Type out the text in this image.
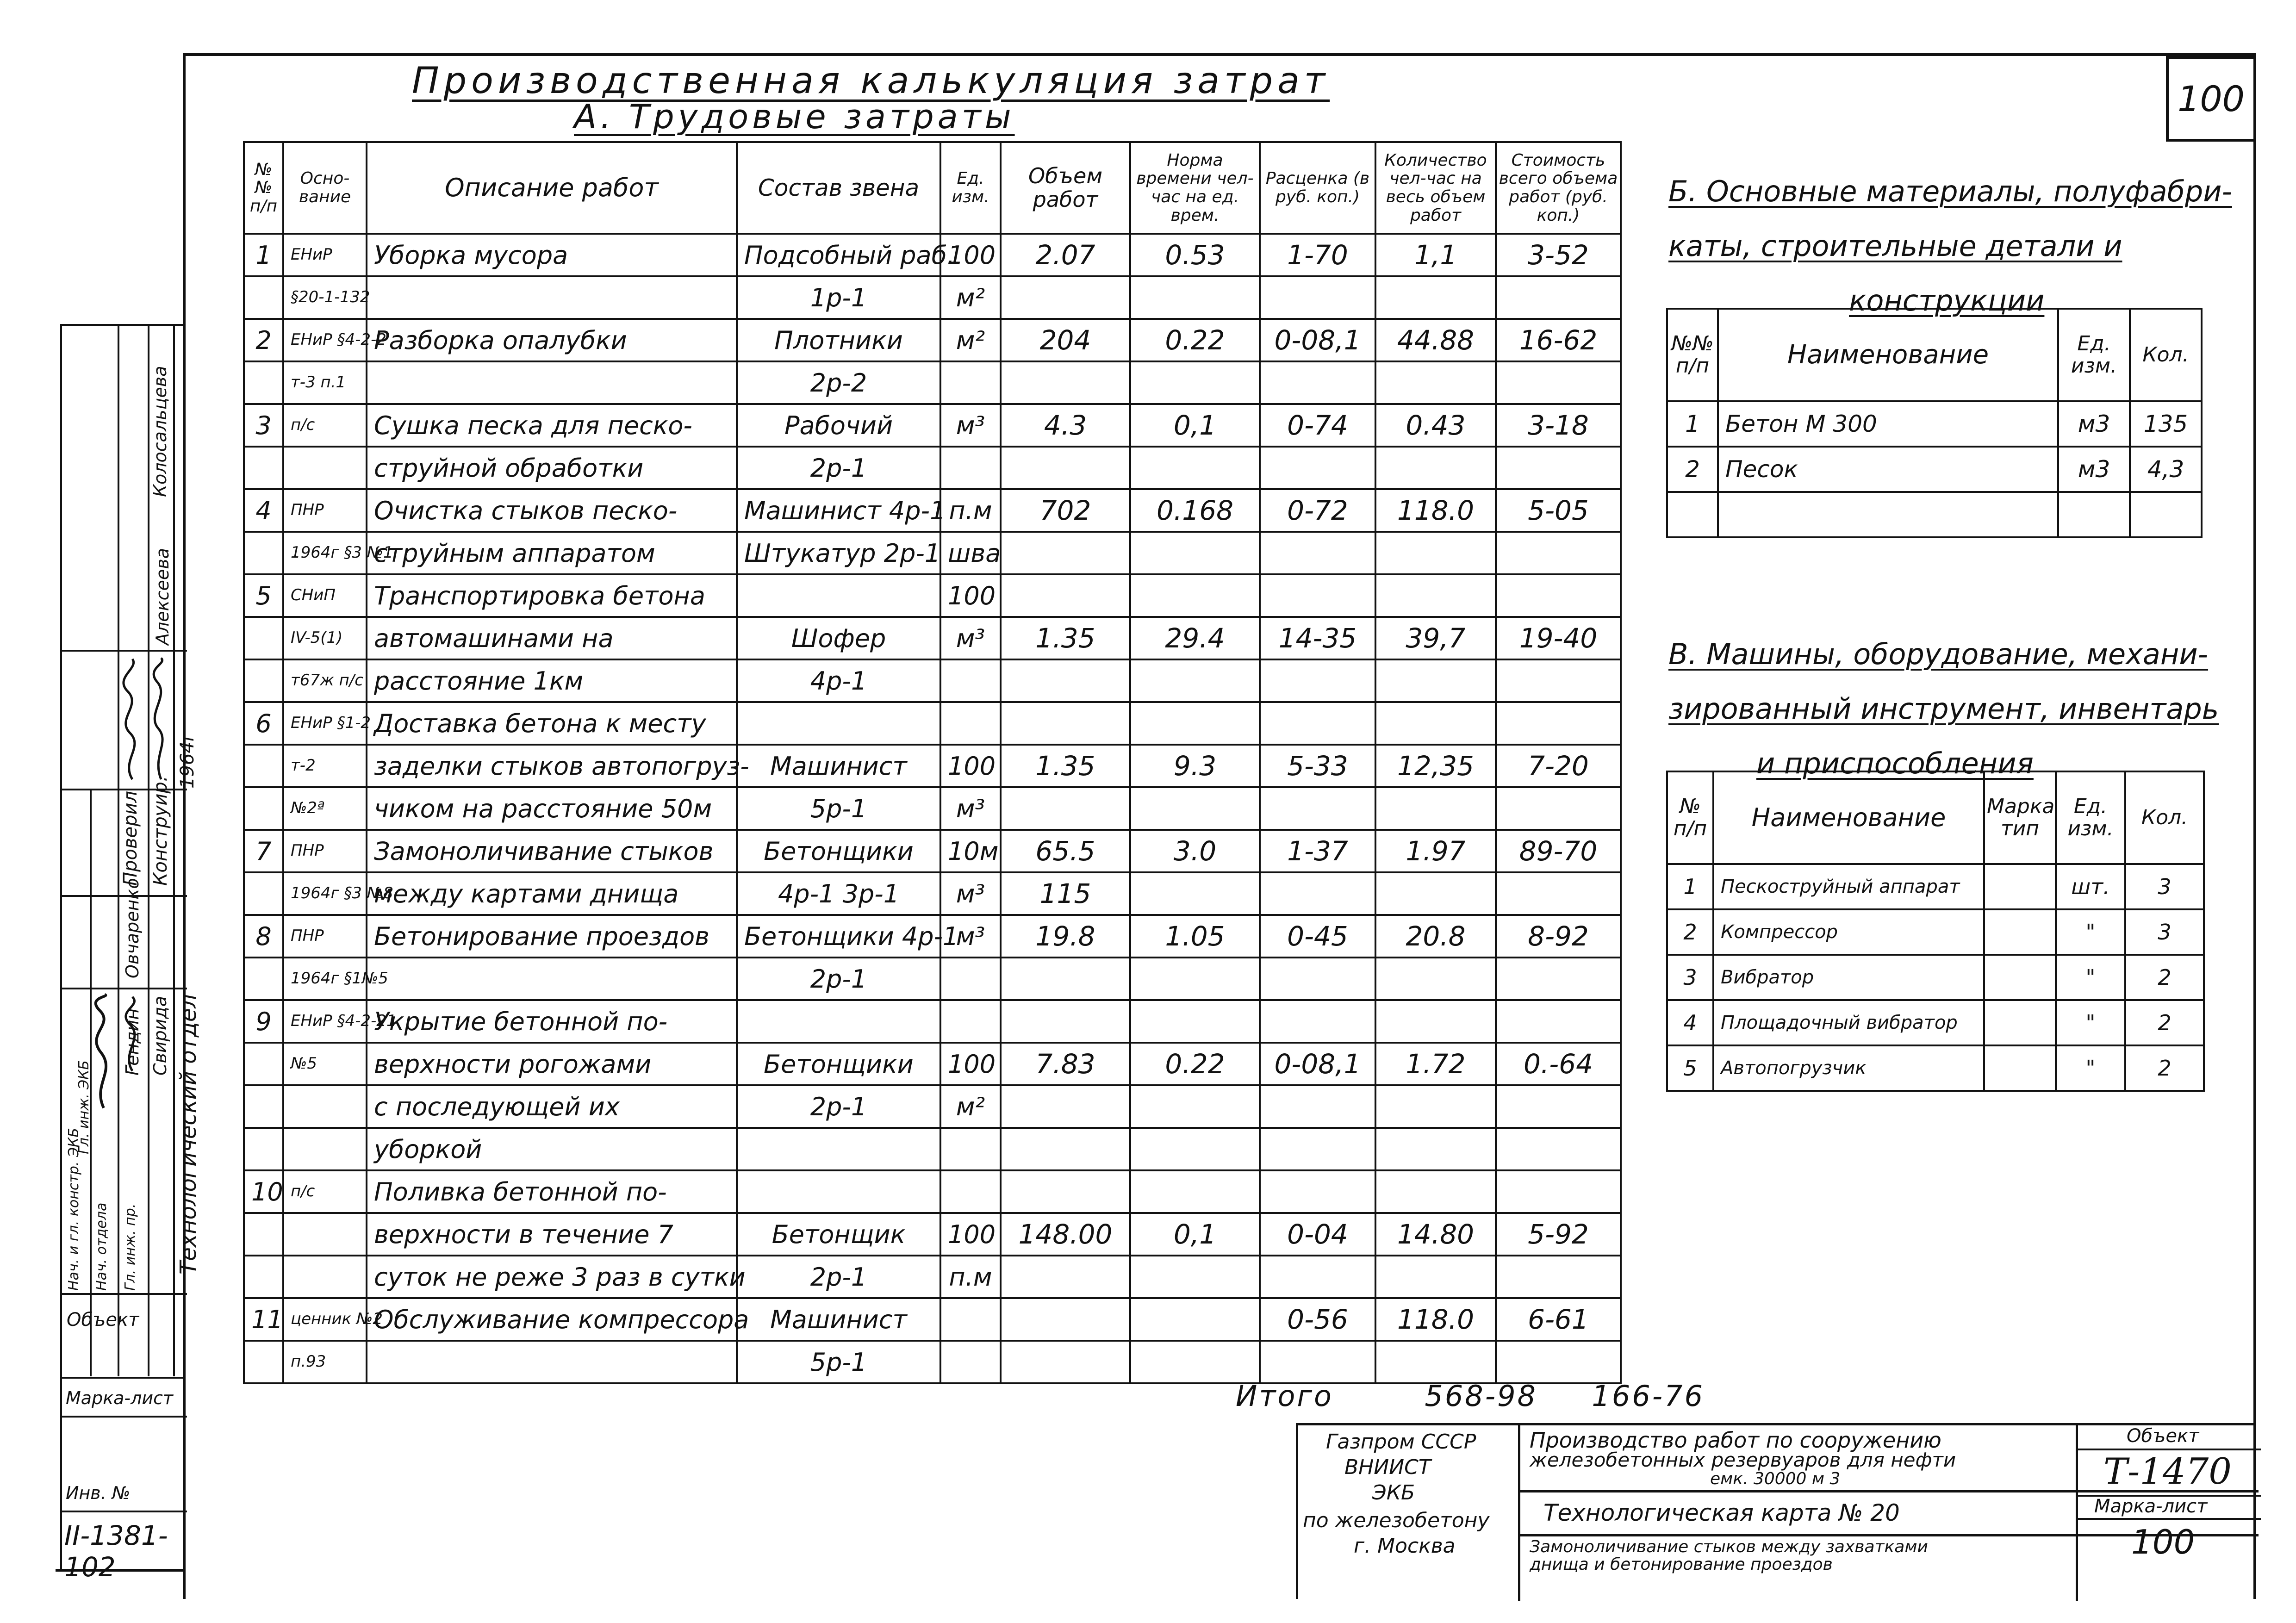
100
Производственная калькуляция затрат
А. Трудовые затраты
№№ п/п	Осно-вание	Описание работ	Состав звена	Ед. изм.	Объем работ	Норма времени чел-час на ед. врем.	Расценка (в руб. коп.)	Количество чел-час на весь объем работ	Стоимость всего объема работ (руб. коп.)
1	ЕНиР	Уборка мусора	Подсобный раб.	100	2.07	0.53	1-70	1,1	3-52
	§20-1-132		1р-1	м²					
2	ЕНиР §4-2-2	Разборка опалубки	Плотники	м²	204	0.22	0-08,1	44.88	16-62
	т-3 п.1		2р-2						
3	п/с	Сушка песка для песко-	Рабочий	м³	4.3	0,1	0-74	0.43	3-18
		струйной обработки	2р-1						
4	ПНР	Очистка стыков песко-	Машинист 4р-1	п.м	702	0.168	0-72	118.0	5-05
	1964г §3 №1	струйным аппаратом	Штукатур 2р-1	шва					
5	СНиП	Транспортировка бетона		100					
	IV-5(1)	автомашинами на	Шофер	м³	1.35	29.4	14-35	39,7	19-40
	т67ж п/с	расстояние 1км	4р-1						
6	ЕНиР §1-2	Доставка бетона к месту							
	т-2	заделки стыков автопогруз-	Машинист	100	1.35	9.3	5-33	12,35	7-20
	№2ª	чиком на расстояние 50м	5р-1	м³					
7	ПНР	Замоноличивание стыков	Бетонщики	10м	65.5	3.0	1-37	1.97	89-70
	1964г §3 №8	между картами днища	4р-1 3р-1	м³	115				
8	ПНР	Бетонирование проездов	Бетонщики 4р-1	м³	19.8	1.05	0-45	20.8	8-92
	1964г §1№5		2р-1						
9	ЕНиР §4-2-21	Укрытие бетонной по-							
	№5	верхности рогожами	Бетонщики	100	7.83	0.22	0-08,1	1.72	0.-64
		с последующей их	2р-1	м²					
		уборкой							
10	п/с	Поливка бетонной по-							
		верхности в течение 7	Бетонщик	100	148.00	0,1	0-04	14.80	5-92
		суток не реже 3 раз в сутки	2р-1	п.м					
11	ценник №2	Обслуживание компрессора	Машинист				0-56	118.0	6-61
	п.93		5р-1						
Итого	568-98 166-76
Б. Основные материалы, полуфабри-
каты, строительные детали и
конструкции
№№ п/п	Наименование	Ед. изм.	Кол.
1	Бетон М 300	м3	135
2	Песок	м3	4,3

В. Машины, оборудование, механи-
зированный инструмент, инвентарь
и приспособления
№ п/п	Наименование	Марка тип	Ед. изм.	Кол.
1	Пескоструйный аппарат		шт.	3
2	Компрессор		"	3
3	Вибратор		"	2
4	Площадочный вибратор		"	2
5	Автопогрузчик		"	2
Газпром СССР
ВНИИСТ
ЭКБ
по железобетону
г. Москва
Производство работ по сооружению
железобетонных резервуаров для нефти
емк. 30000 м 3
Технологическая карта № 20
Замоноличивание стыков между захватками
днища и бетонирование проездов
Объект
Т-1470
Марка-лист
100
Нач. и гл. констр. ЭКБ
Гл. инж. ЭКБ
Нач. отдела Гл. инж. пр.
Проверил Конструир.
Овчаренко
Гендин Свирида
Колосальцева
Алексеева
1964г
Технологический отдел
Объект
Марка-лист
Инв. №
II-1381-102
